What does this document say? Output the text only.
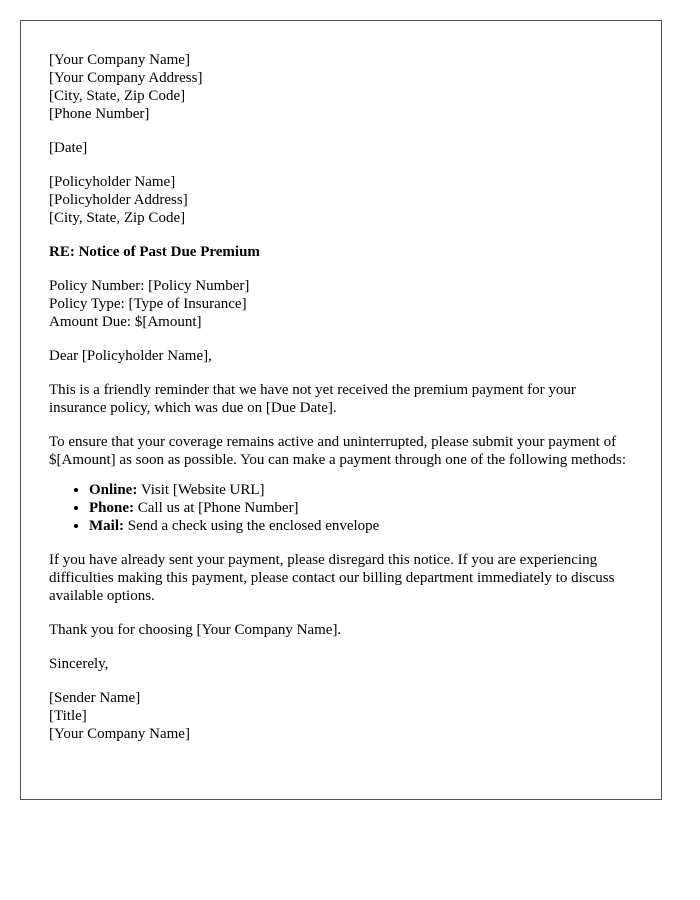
[Your Company Name]
[Your Company Address]
[City, State, Zip Code]
[Phone Number]
[Date]
[Policyholder Name]
[Policyholder Address]
[City, State, Zip Code]
RE: Notice of Past Due Premium
Policy Number: [Policy Number]
Policy Type: [Type of Insurance]
Amount Due: $[Amount]

Dear [Policyholder Name],

This is a friendly reminder that we have not yet received the premium payment for your insurance policy, which was due on [Due Date].

To ensure that your coverage remains active and uninterrupted, please submit your payment of $[Amount] as soon as possible. You can make a payment through one of the following methods:

• Online: Visit [Website URL]
• Phone: Call us at [Phone Number]
• Mail: Send a check using the enclosed envelope

If you have already sent your payment, please disregard this notice. If you are experiencing difficulties making this payment, please contact our billing department immediately to discuss available options.

Thank you for choosing [Your Company Name].

Sincerely,

[Sender Name]
[Title]
[Your Company Name]
